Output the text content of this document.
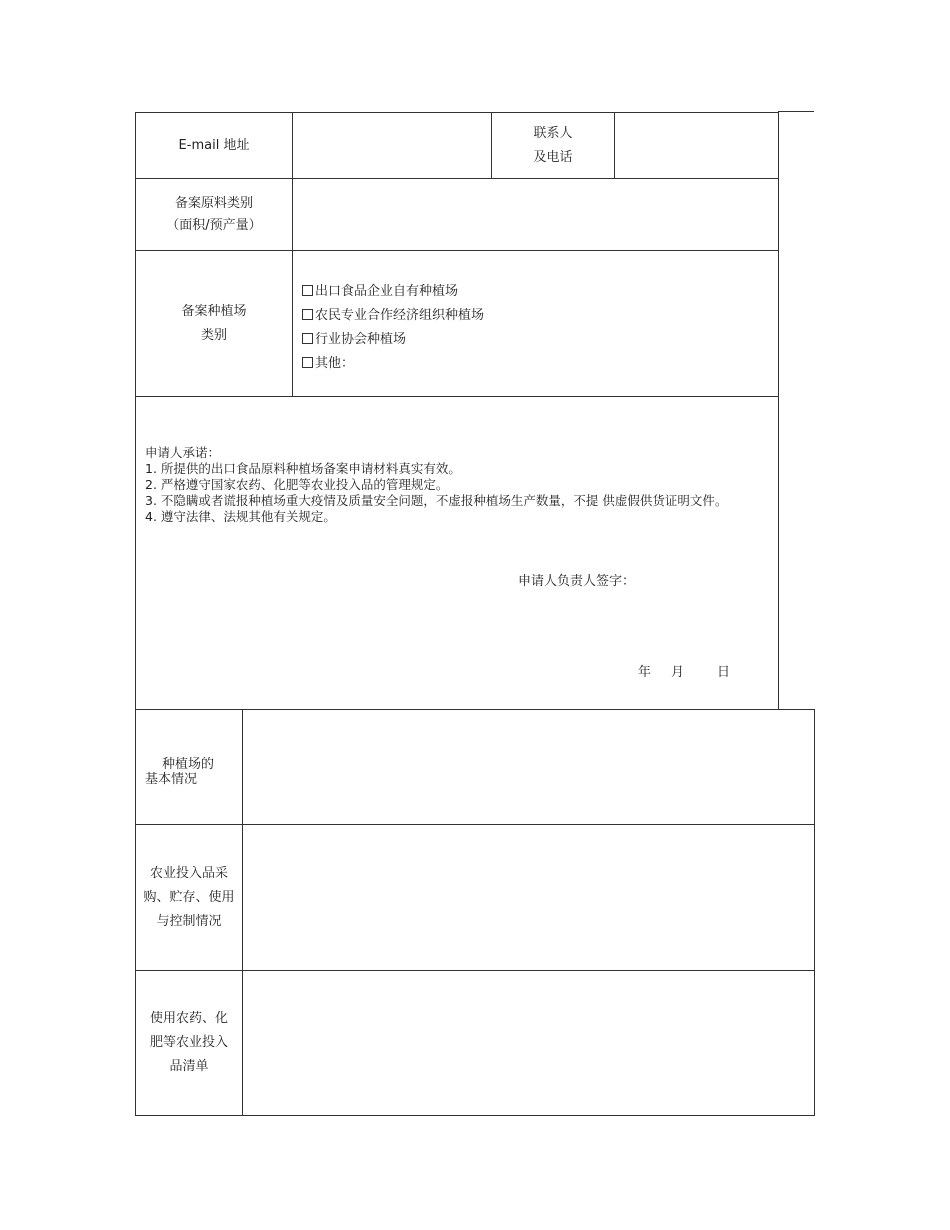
E-mail 地址
联系人
及电话
备案原料类别
（面积/预产量）
备案种植场
类别
出口食品企业自有种植场
农民专业合作经济组织种植场
行业协会种植场
其他：
申请人承诺：
1. 所提供的出口食品原料种植场备案申请材料真实有效。
2. 严格遵守国家农药、化肥等农业投入品的管理规定。
3. 不隐瞒或者谎报种植场重大疫情及质量安全问题，不虚报种植场生产数量，不提 供虚假供货证明文件。
4. 遵守法律、法规其他有关规定。
申请人负责人签字：
年 月	日
种植场的
基本情况
农业投入品采
购、贮存、使用
与控制情况
使用农药、化
肥等农业投入
品清单
